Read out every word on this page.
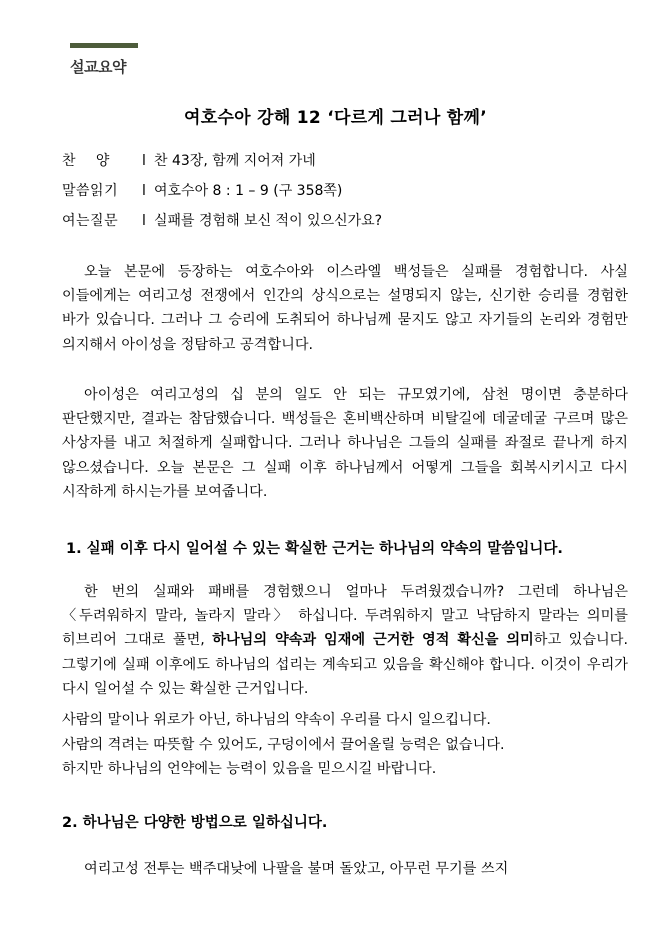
설교요약
여호수아 강해 12 ‘다르게 그러나 함께’
찬    양 l 찬 43장, 함께 지어져 가네
말씀읽기 l 여호수아 8 : 1 – 9 (구 358쪽)
여는질문 l 실패를 경험해 보신 적이 있으신가요?

오늘 본문에 등장하는 여호수아와 이스라엘 백성들은 실패를 경험합니다. 사실 이들에게는 여리고성 전쟁에서 인간의 상식으로는 설명되지 않는, 신기한 승리를 경험한 바가 있습니다. 그러나 그 승리에 도취되어 하나님께 묻지도 않고 자기들의 논리와 경험만 의지해서 아이성을 정탐하고 공격합니다.

아이성은 여리고성의 십 분의 일도 안 되는 규모였기에, 삼천 명이면 충분하다 판단했지만, 결과는 참담했습니다. 백성들은 혼비백산하며 비탈길에 데굴데굴 구르며 많은 사상자를 내고 처절하게 실패합니다. 그러나 하나님은 그들의 실패를 좌절로 끝나게 하지 않으셨습니다. 오늘 본문은 그 실패 이후 하나님께서 어떻게 그들을 회복시키시고 다시 시작하게 하시는가를 보여줍니다.

1. 실패 이후 다시 일어설 수 있는 확실한 근거는 하나님의 약속의 말씀입니다.

한 번의 실패와 패배를 경험했으니 얼마나 두려웠겠습니까? 그런데 하나님은 〈두려워하지 말라, 놀라지 말라〉 하십니다. 두려워하지 말고 낙담하지 말라는 의미를 히브리어 그대로 풀면, 하나님의 약속과 임재에 근거한 영적 확신을 의미하고 있습니다. 그렇기에 실패 이후에도 하나님의 섭리는 계속되고 있음을 확신해야 합니다. 이것이 우리가 다시 일어설 수 있는 확실한 근거입니다.

사람의 말이나 위로가 아닌, 하나님의 약속이 우리를 다시 일으킵니다.

사람의 격려는 따뜻할 수 있어도, 구덩이에서 끌어올릴 능력은 없습니다.

하지만 하나님의 언약에는 능력이 있음을 믿으시길 바랍니다.

2. 하나님은 다양한 방법으로 일하십니다.

여리고성 전투는 백주대낮에 나팔을 불며 돌았고, 아무런 무기를 쓰지
